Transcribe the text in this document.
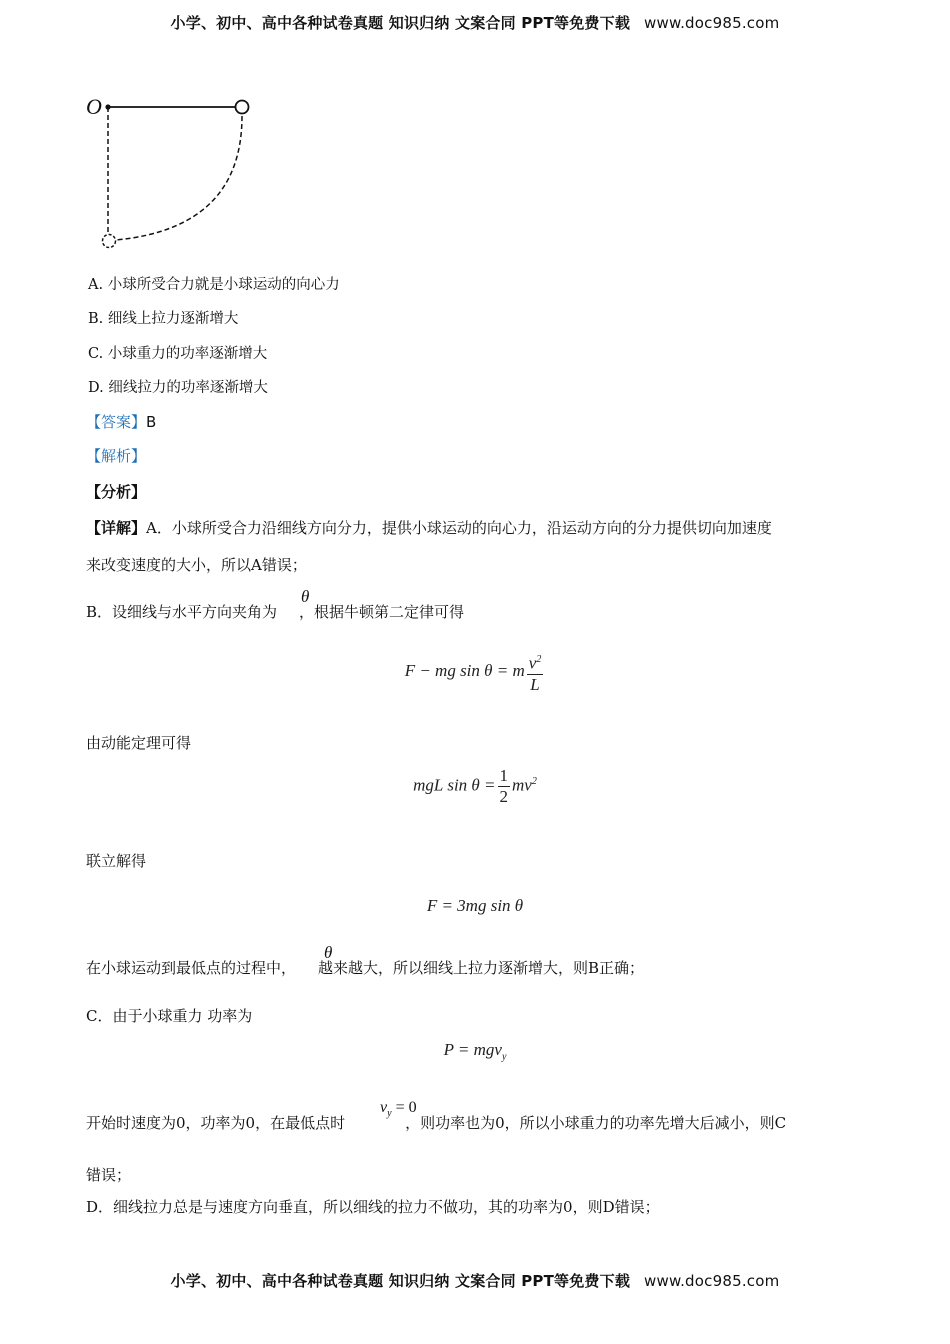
小学、初中、高中各种试卷真题 知识归纳 文案合同 PPT等免费下载 www.doc985.com
O
A. 小球所受合力就是小球运动的向心力
B. 细线上拉力逐渐增大
C. 小球重力的功率逐渐增大
D. 细线拉力的功率逐渐增大
【答案】B
【解析】
【分析】
【详解】A．小球所受合力沿细线方向分力，提供小球运动的向心力，沿运动方向的分力提供切向加速度
来改变速度的大小，所以A错误；
B．设细线与水平方向夹角为 ，根据牛顿第二定律可得
θ
F − mg sin θ = m $\frac{v^2}{L}$
由动能定理可得
mgL $\sin \theta = \frac{1}{2} mv^2$
联立解得
F = 3mg sin θ
在小球运动到最低点的过程中， 越来越大，所以细线上拉力逐渐增大，则B正确；
θ
C．由于小球重力 功率为
P = mgv$_y$
开始时速度为0，功率为0，在最低点时	，则功率也为0，所以小球重力的功率先增大后减小，则C
$v_y = 0$
错误；
D．细线拉力总是与速度方向垂直，所以细线的拉力不做功，其的功率为0，则D错误；
小学、初中、高中各种试卷真题 知识归纳 文案合同 PPT等免费下载 www.doc985.com
